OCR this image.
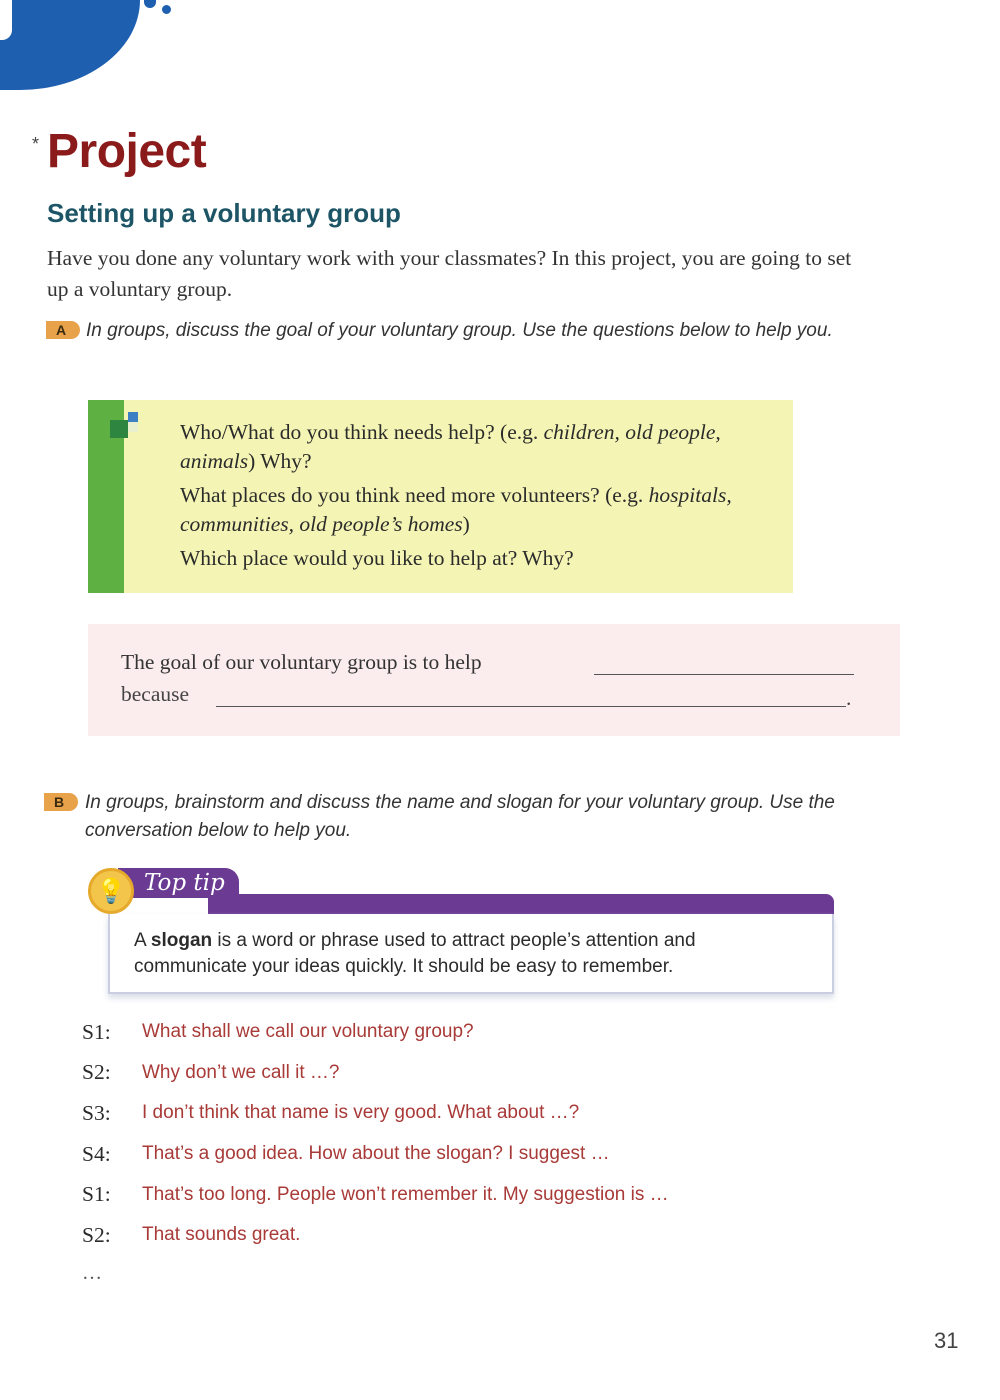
* Project
Setting up a voluntary group

Have you done any voluntary work with your classmates? In this project, you are going to set up a voluntary group.

A	In groups, discuss the goal of your voluntary group. Use the questions below to help you.

Who/What do you think needs help? (e.g. children, old people, animals) Why?
What places do you think need more volunteers? (e.g. hospitals, communities, old people’s homes)
Which place would you like to help at? Why?
The goal of our voluntary group is to help
because	.
B	In groups, brainstorm and discuss the name and slogan for your voluntary group. Use the conversation below to help you.

Top tip
💡
A slogan is a word or phrase used to attract people’s attention and communicate your ideas quickly. It should be easy to remember.
S1:	What shall we call our voluntary group?
S2:	Why don’t we call it …?
S3:	I don’t think that name is very good. What about …?
S4:	That’s a good idea. How about the slogan? I suggest …
S1:	That’s too long. People won’t remember it. My suggestion is …
S2:	That sounds great.
…
31
